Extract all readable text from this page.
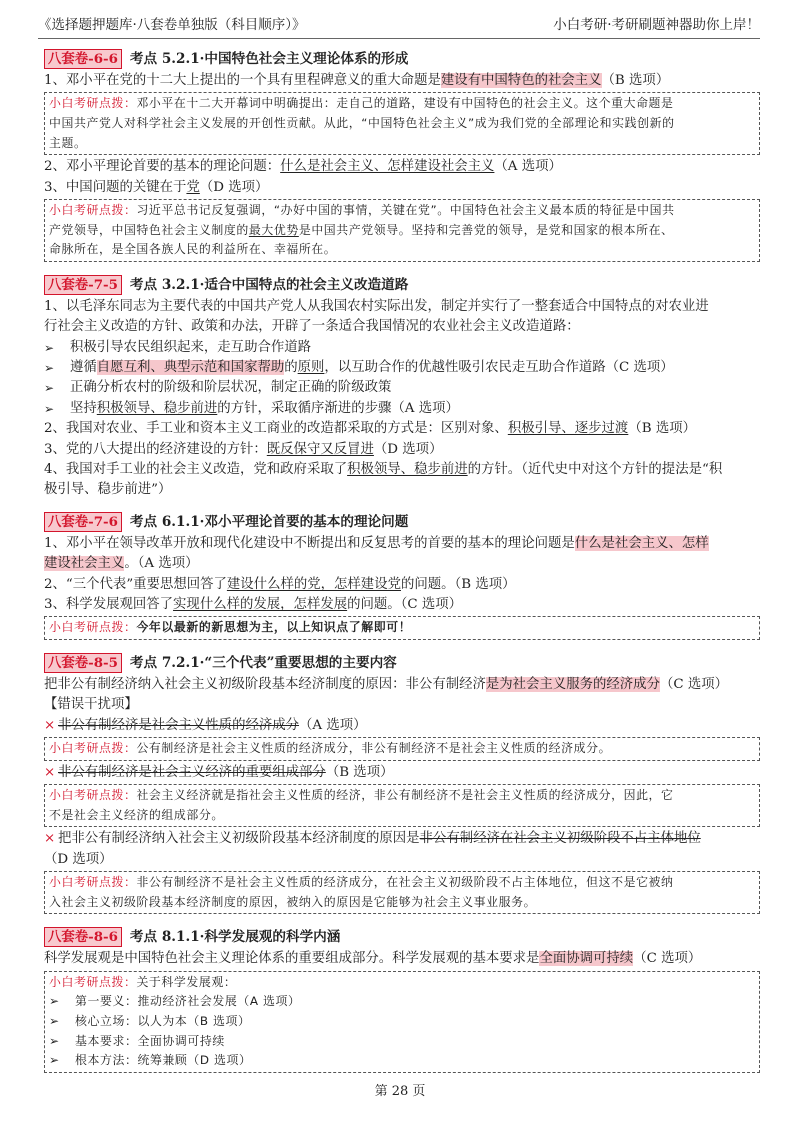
《选择题押题库·八套卷单独版（科目顺序）》	小白考研·考研刷题神器助你上岸！
八套卷-6-6 考点 5.2.1·中国特色社会主义理论体系的形成
1、邓小平在党的十二大上提出的一个具有里程碑意义的重大命题是建设有中国特色的社会主义（B 选项）
小白考研点拨：邓小平在十二大开幕词中明确提出：走自己的道路，建设有中国特色的社会主义。这个重大命题是
中国共产党人对科学社会主义发展的开创性贡献。从此，“中国特色社会主义”成为我们党的全部理论和实践创新的
主题。
2、邓小平理论首要的基本的理论问题：什么是社会主义、怎样建设社会主义（A 选项）
3、中国问题的关键在于党（D 选项）
小白考研点拨：习近平总书记反复强调，“办好中国的事情，关键在党”。中国特色社会主义最本质的特征是中国共
产党领导，中国特色社会主义制度的最大优势是中国共产党领导。坚持和完善党的领导，是党和国家的根本所在、
命脉所在，是全国各族人民的利益所在、幸福所在。
八套卷-7-5 考点 3.2.1·适合中国特点的社会主义改造道路
1、以毛泽东同志为主要代表的中国共产党人从我国农村实际出发，制定并实行了一整套适合中国特点的对农业进
行社会主义改造的方针、政策和办法，开辟了一条适合我国情况的农业社会主义改造道路：
➢	积极引导农民组织起来，走互助合作道路
➢	遵循自愿互利、典型示范和国家帮助的原则，以互助合作的优越性吸引农民走互助合作道路（C 选项）
➢	正确分析农村的阶级和阶层状况，制定正确的阶级政策
➢	坚持积极领导、稳步前进的方针，采取循序渐进的步骤（A 选项）
2、我国对农业、手工业和资本主义工商业的改造都采取的方式是：区别对象、积极引导、逐步过渡（B 选项）
3、党的八大提出的经济建设的方针：既反保守又反冒进（D 选项）
4、我国对手工业的社会主义改造，党和政府采取了积极领导、稳步前进的方针。（近代史中对这个方针的提法是“积
极引导、稳步前进”）
八套卷-7-6 考点 6.1.1·邓小平理论首要的基本的理论问题
1、邓小平在领导改革开放和现代化建设中不断提出和反复思考的首要的基本的理论问题是什么是社会主义、怎样
建设社会主义。（A 选项）
2、“三个代表”重要思想回答了建设什么样的党，怎样建设党的问题。（B 选项）
3、科学发展观回答了实现什么样的发展，怎样发展的问题。（C 选项）
小白考研点拨：今年以最新的新思想为主，以上知识点了解即可！
八套卷-8-5 考点 7.2.1·“三个代表”重要思想的主要内容
把非公有制经济纳入社会主义初级阶段基本经济制度的原因：非公有制经济是为社会主义服务的经济成分（C 选项）
【错误干扰项】
× 非公有制经济是社会主义性质的经济成分（A 选项）
小白考研点拨：公有制经济是社会主义性质的经济成分，非公有制经济不是社会主义性质的经济成分。
× 非公有制经济是社会主义经济的重要组成部分（B 选项）
小白考研点拨：社会主义经济就是指社会主义性质的经济，非公有制经济不是社会主义性质的经济成分，因此，它
不是社会主义经济的组成部分。
× 把非公有制经济纳入社会主义初级阶段基本经济制度的原因是非公有制经济在社会主义初级阶段不占主体地位
（D 选项）
小白考研点拨：非公有制经济不是社会主义性质的经济成分，在社会主义初级阶段不占主体地位，但这不是它被纳
入社会主义初级阶段基本经济制度的原因，被纳入的原因是它能够为社会主义事业服务。
八套卷-8-6 考点 8.1.1·科学发展观的科学内涵
科学发展观是中国特色社会主义理论体系的重要组成部分。科学发展观的基本要求是全面协调可持续（C 选项）
小白考研点拨：关于科学发展观：
➢	第一要义：推动经济社会发展（A 选项）
➢	核心立场：以人为本（B 选项）
➢	基本要求：全面协调可持续
➢	根本方法：统筹兼顾（D 选项）
第 28 页
